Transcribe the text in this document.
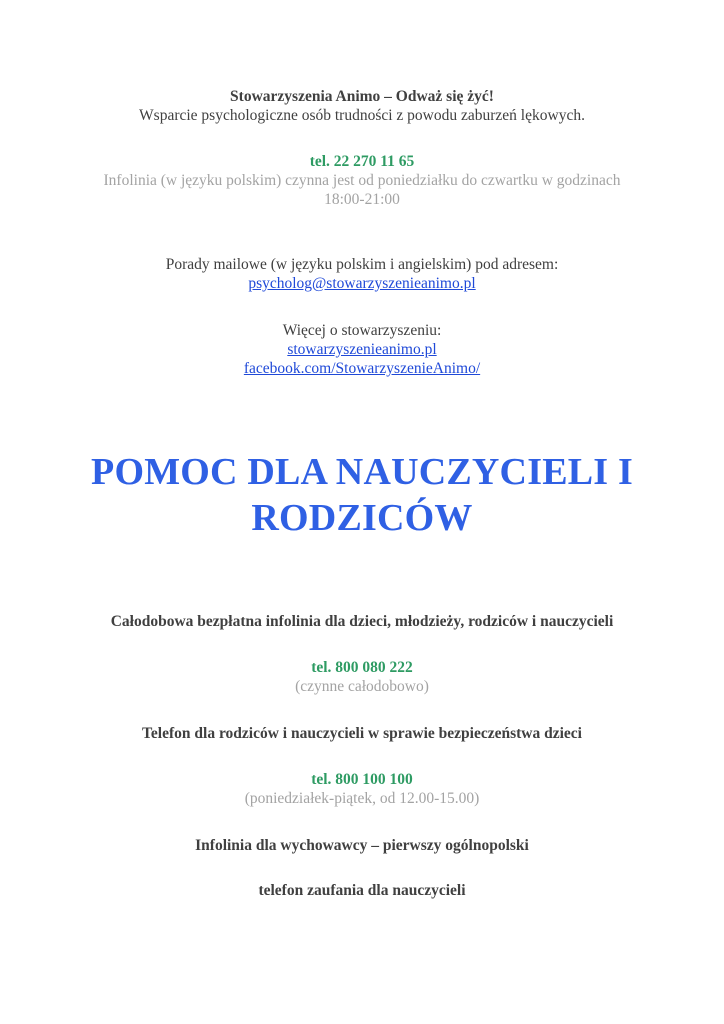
Stowarzyszenia Animo – Odważ się żyć!
Wsparcie psychologiczne osób trudności z powodu zaburzeń lękowych.
tel. 22 270 11 65
Infolinia (w języku polskim) czynna jest od poniedziałku do czwartku w godzinach
18:00-21:00
Porady mailowe (w języku polskim i angielskim) pod adresem:
psycholog@stowarzyszenieanimo.pl
Więcej o stowarzyszeniu:
stowarzyszenieanimo.pl
facebook.com/StowarzyszenieAnimo/
POMOC DLA NAUCZYCIELI I
RODZICÓW
Całodobowa bezpłatna infolinia dla dzieci, młodzieży, rodziców i nauczycieli
tel. 800 080 222
(czynne całodobowo)
Telefon dla rodziców i nauczycieli w sprawie bezpieczeństwa dzieci
tel. 800 100 100
(poniedziałek-piątek, od 12.00-15.00)
Infolinia dla wychowawcy – pierwszy ogólnopolski
telefon zaufania dla nauczycieli
